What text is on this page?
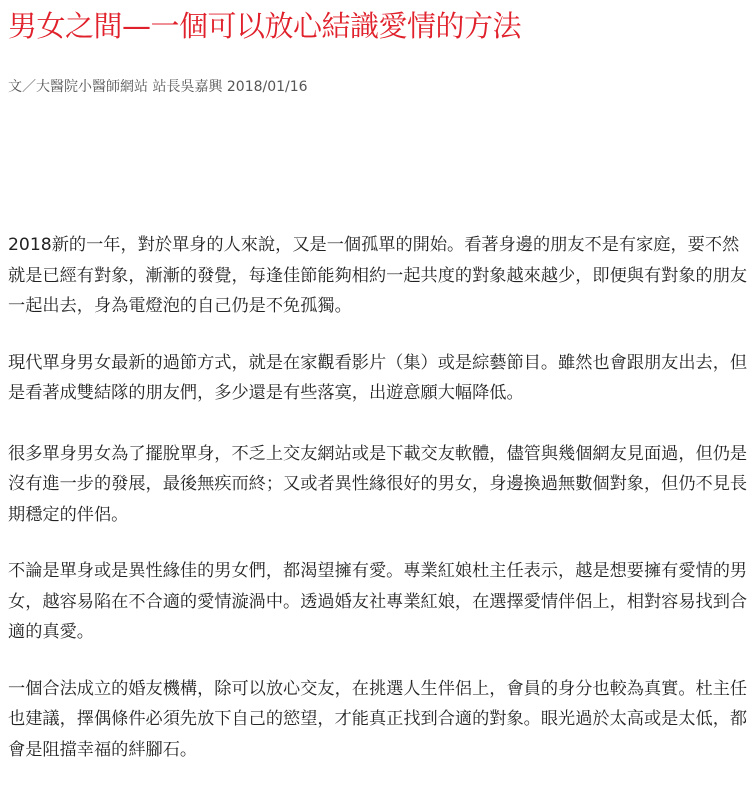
男女之間—一個可以放心結識愛情的方法
文／大醫院小醫師網站 站長吳嘉興 2018/01/16

2018新的一年，對於單身的人來說，又是一個孤單的開始。看著身邊的朋友不是有家庭，要不然就是已經有對象，漸漸的發覺，每逢佳節能夠相約一起共度的對象越來越少，即便與有對象的朋友一起出去，身為電燈泡的自己仍是不免孤獨。

現代單身男女最新的過節方式，就是在家觀看影片（集）或是綜藝節目。雖然也會跟朋友出去，但是看著成雙結隊的朋友們，多少還是有些落寞，出遊意願大幅降低。

很多單身男女為了擺脫單身，不乏上交友網站或是下載交友軟體，儘管與幾個網友見面過，但仍是沒有進一步的發展，最後無疾而終；又或者異性緣很好的男女，身邊換過無數個對象，但仍不見長期穩定的伴侶。

不論是單身或是異性緣佳的男女們，都渴望擁有愛。專業紅娘杜主任表示，越是想要擁有愛情的男女，越容易陷在不合適的愛情漩渦中。透過婚友社專業紅娘，在選擇愛情伴侶上，相對容易找到合適的真愛。

一個合法成立的婚友機構，除可以放心交友，在挑選人生伴侶上，會員的身分也較為真實。杜主任也建議，擇偶條件必須先放下自己的慾望，才能真正找到合適的對象。眼光過於太高或是太低，都會是阻擋幸福的絆腳石。
